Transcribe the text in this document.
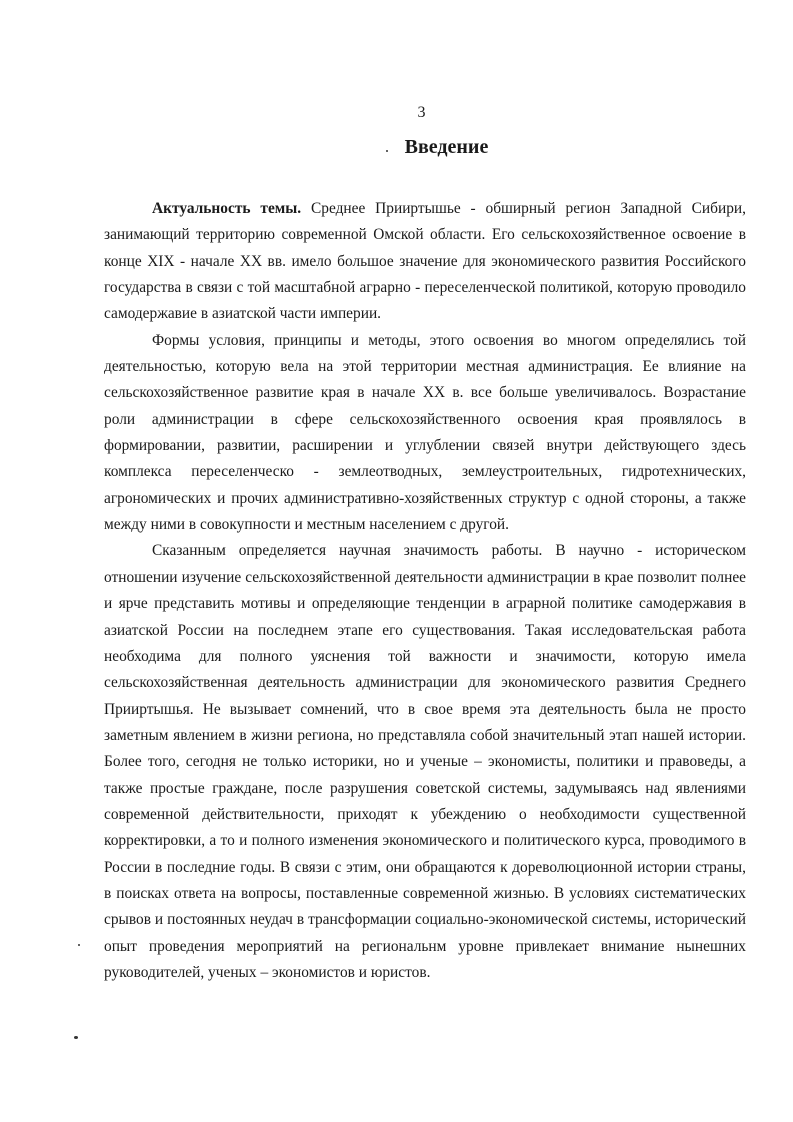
3
Введение

Актуальность темы. Среднее Прииртышье - обширный регион Западной Сибири, занимающий территорию современной Омской области. Его сельскохозяйственное освоение в конце XIX - начале XX вв. имело большое значение для экономического развития Российского государства в связи с той масштабной аграрно - переселенческой политикой, которую проводило самодержавие в азиатской части империи.

Формы условия, принципы и методы, этого освоения во многом определялись той деятельностью, которую вела на этой территории местная администрация. Ее влияние на сельскохозяйственное развитие края в начале XX в. все больше увеличивалось. Возрастание роли администрации в сфере сельскохозяйственного освоения края проявлялось в формировании, развитии, расширении и углублении связей внутри действующего здесь комплекса переселенческо - землеотводных, землеустроительных, гидротехнических, агрономических и прочих административно-хозяйственных структур с одной стороны, а также между ними в совокупности и местным населением с другой.

Сказанным определяется научная значимость работы. В научно - историческом отношении изучение сельскохозяйственной деятельности администрации в крае позволит полнее и ярче представить мотивы и определяющие тенденции в аграрной политике самодержавия в азиатской России на последнем этапе его существования. Такая исследовательская работа необходима для полного уяснения той важности и значимости, которую имела сельскохозяйственная деятельность администрации для экономического развития Среднего Прииртышья. Не вызывает сомнений, что в свое время эта деятельность была не просто заметным явлением в жизни региона, но представляла собой значительный этап нашей истории. Более того, сегодня не только историки, но и ученые – экономисты, политики и правоведы, а также простые граждане, после разрушения советской системы, задумываясь над явлениями современной действительности, приходят к убеждению о необходимости существенной корректировки, а то и полного изменения экономического и политического курса, проводимого в России в последние годы. В связи с этим, они обращаются к дореволюционной истории страны, в поисках ответа на вопросы, поставленные современной жизнью. В условиях систематических срывов и постоянных неудач в трансформации социально-экономической системы, исторический опыт проведения мероприятий на региональнм уровне привлекает внимание нынешних руководителей, ученых – экономистов и юристов.
